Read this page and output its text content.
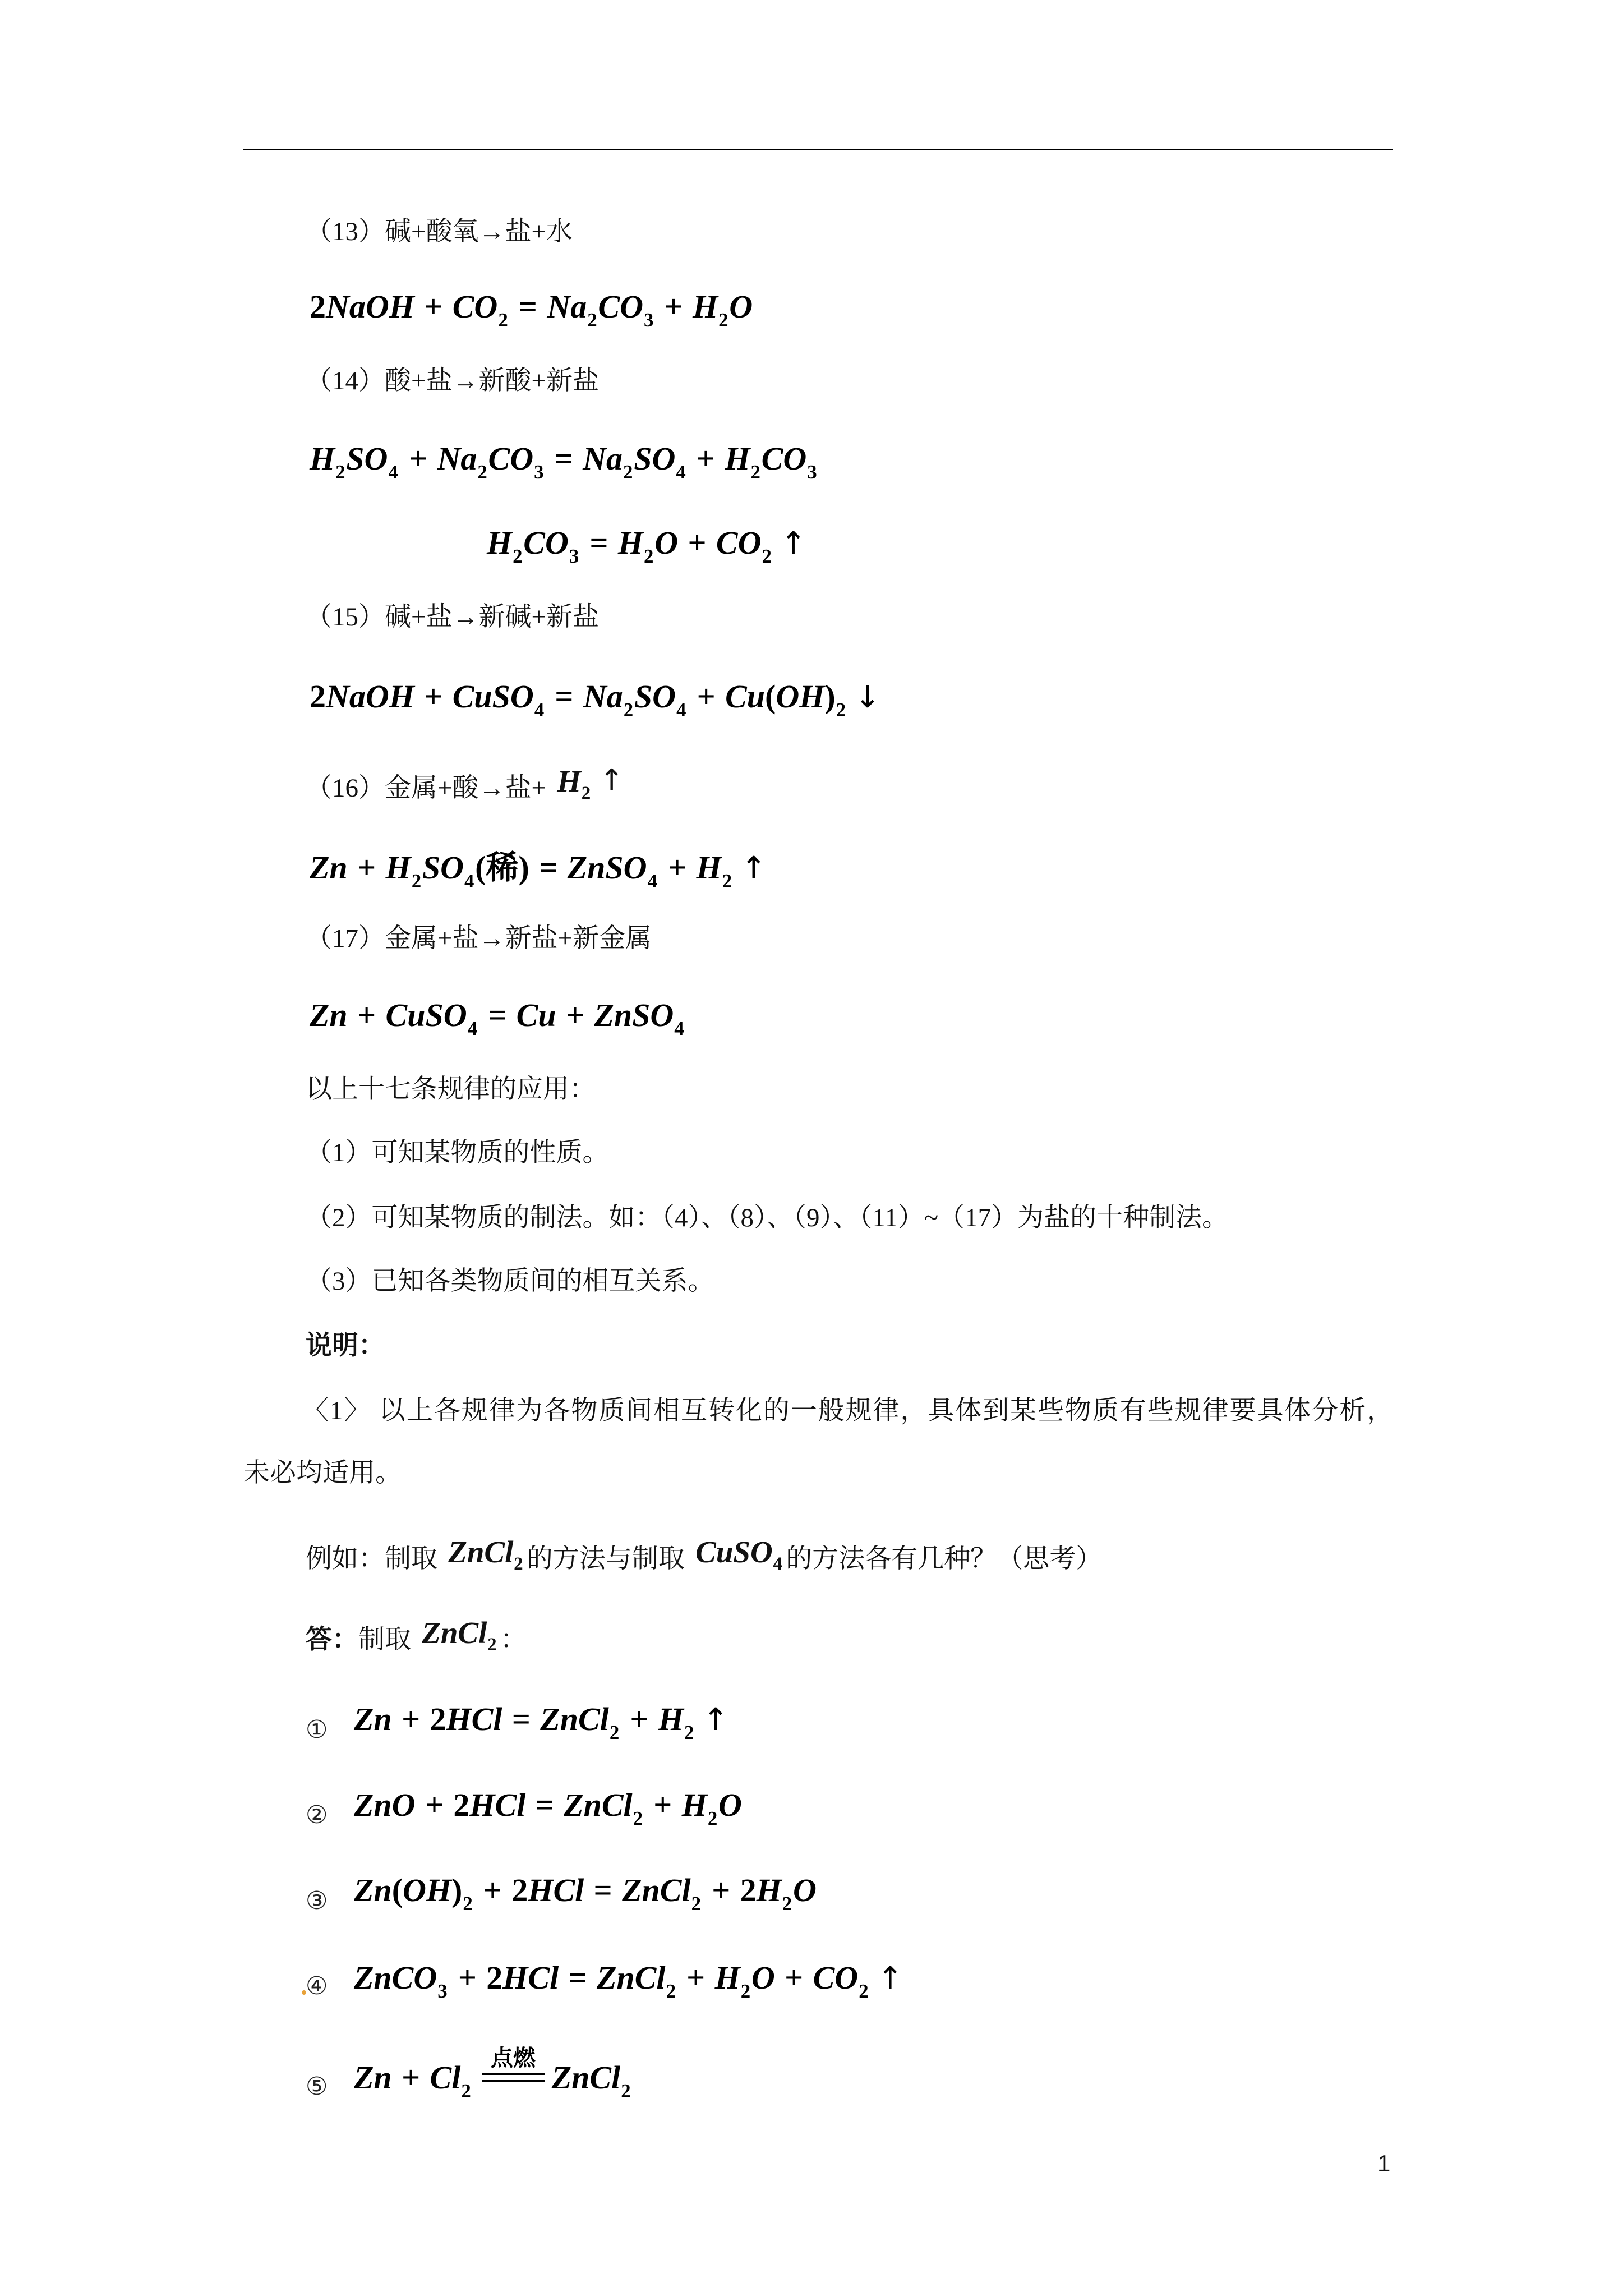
（13）碱+酸氧→盐+水
2NaOH + $CO_2 = Na_2CO_3 + H_2O$
（14）酸+盐→新酸+新盐
$H_2SO_4 + Na_2CO_3 = Na_2SO_4 + H_2CO_3$
$H_2CO_3 = H_2O + CO_2$ ↑
（15）碱+盐→新碱+新盐
2NaOH + CuSO$_4$ = $Na_2SO_4 + Cu(OH)_2$ ↓
（16）金属+酸→盐+ H2 ↑
$Zn + H_2SO_4$(稀) = ZnSO$_4$ + $H_2$ ↑
（17）金属+盐→新盐+新金属
Zn + CuSO$_4$ = Cu + ZnSO$_4$
以上十七条规律的应用：
（1）可知某物质的性质。
（2）可知某物质的制法。如：（4）、（8）、（9）、（11）~（17）为盐的十种制法。
（3）已知各类物质间的相互关系。
说明：
〈1〉 以上各规律为各物质间相互转化的一般规律，具体到某些物质有些规律要具体分析，
未必均适用。
例如：制取 ZnCl2 的方法与制取 CuSO4 的方法各有几种？（思考）
答：制取 ZnCl2 ：
① Zn + 2HCl = ZnCl$_2$ + $H_2$ ↑
② ZnO + 2HCl = ZnCl$_2$ + $H_2O$
③ $Zn(OH)_2 + 2HCl$ = ZnCl$_2$ + $2H_2O$
④ ZnCO$_3$ + 2HCl = ZnCl$_2$ + $H_2O + CO_2$ ↑
⑤ $Zn + Cl_2$
点燃
ZnCl$_2$
1
